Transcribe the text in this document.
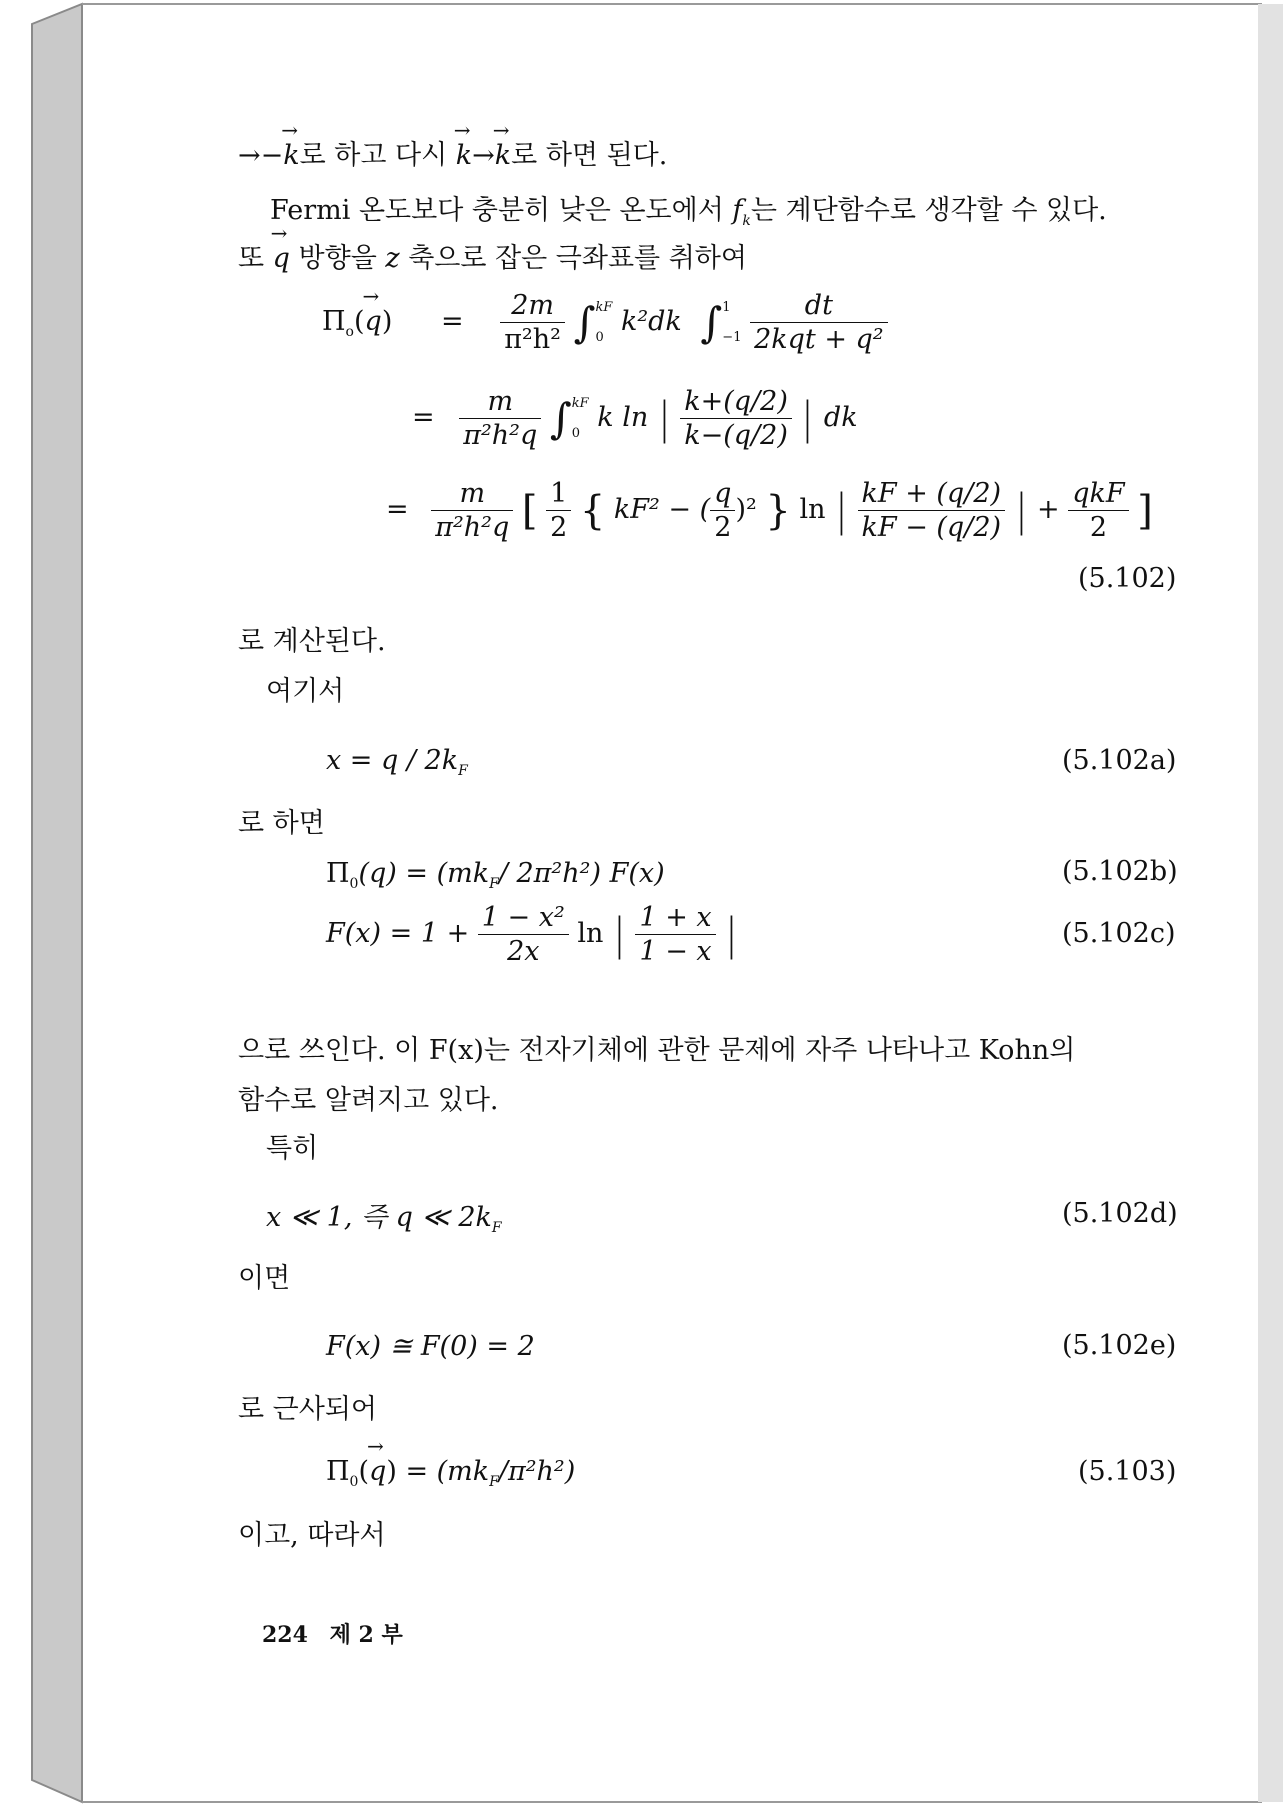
→−k →로 하고 다시 k →→k →로 하면 된다.
Fermi 온도보다 충분히 낮은 온도에서 $f_k$는 계단함수로 생각할 수 있다.
또 q → 방향을 z 축으로 잡은 극좌표를 취하여
$\Pi_o(q$ →) = $\frac{2m}{\text{π²h²}}$ ∫ kF
0 k²dk ∫ 1
−1
$\frac{dt}{\text{2kqt + q²}}$
= $\frac{m}{\text{π²h²q}}$ ∫ kF
0 k ln | $\frac{k+(q/2)}{k-(q/2)}$ | dk
= $\frac{m}{\text{π²h²q}}$ [ $\frac{1}{2}$ { kF² − ( $\frac{q}{2} )^2$ } ln | $\frac{kF + (q/2)}{kF - (q/2)}$ | + $\frac{\text{qkF}}{2}$ ]
(5.102)
로 계산된다.
여기서
$x = q / 2k_F$	(5.102a)
로 하면
$\Pi_0(q) = (mk_F/$ 2π²h²) F(x)	(5.102b)
$F(x) = 1 + \frac{\text{1 − x²}}{2x}$ ln | $\frac{1 + x}{1 - x}$ |	(5.102c)
으로 쓰인다. 이 F(x)는 전자기체에 관한 문제에 자주 나타나고 Kohn의
함수로 알려지고 있다.
특히
x ≪ 1, 즉 q ≪ $2k_F$	(5.102d)
이면
F(x) ≅ F(0) = 2	(5.102e)
로 근사되어
$\Pi_0(q$ →) = $(mk_F/\pi^2h^2)$	(5.103)
이고, 따라서
224 제 2 부
